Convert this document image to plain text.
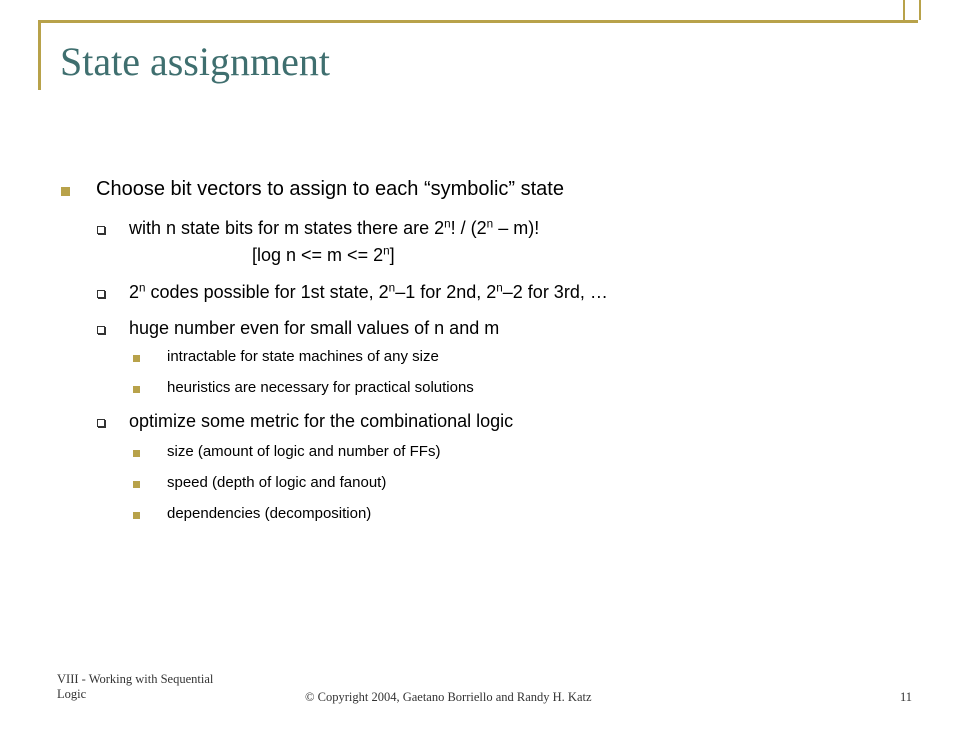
State assignment
Choose bit vectors to assign to each “symbolic” state
with n state bits for m states there are 2$^n$! / (2$^n$ – m)!
[log $n <= m <= 2^n$]
2$^n$ codes possible for 1st state, 2$^n$–1 for 2nd, 2$^n$–2 for 3rd, …
huge number even for small values of n and m
intractable for state machines of any size
heuristics are necessary for practical solutions
optimize some metric for the combinational logic
size (amount of logic and number of FFs)
speed (depth of logic and fanout)
dependencies (decomposition)
VIII - Working with Sequential
Logic	© Copyright 2004, Gaetano Borriello and Randy H. Katz	11
